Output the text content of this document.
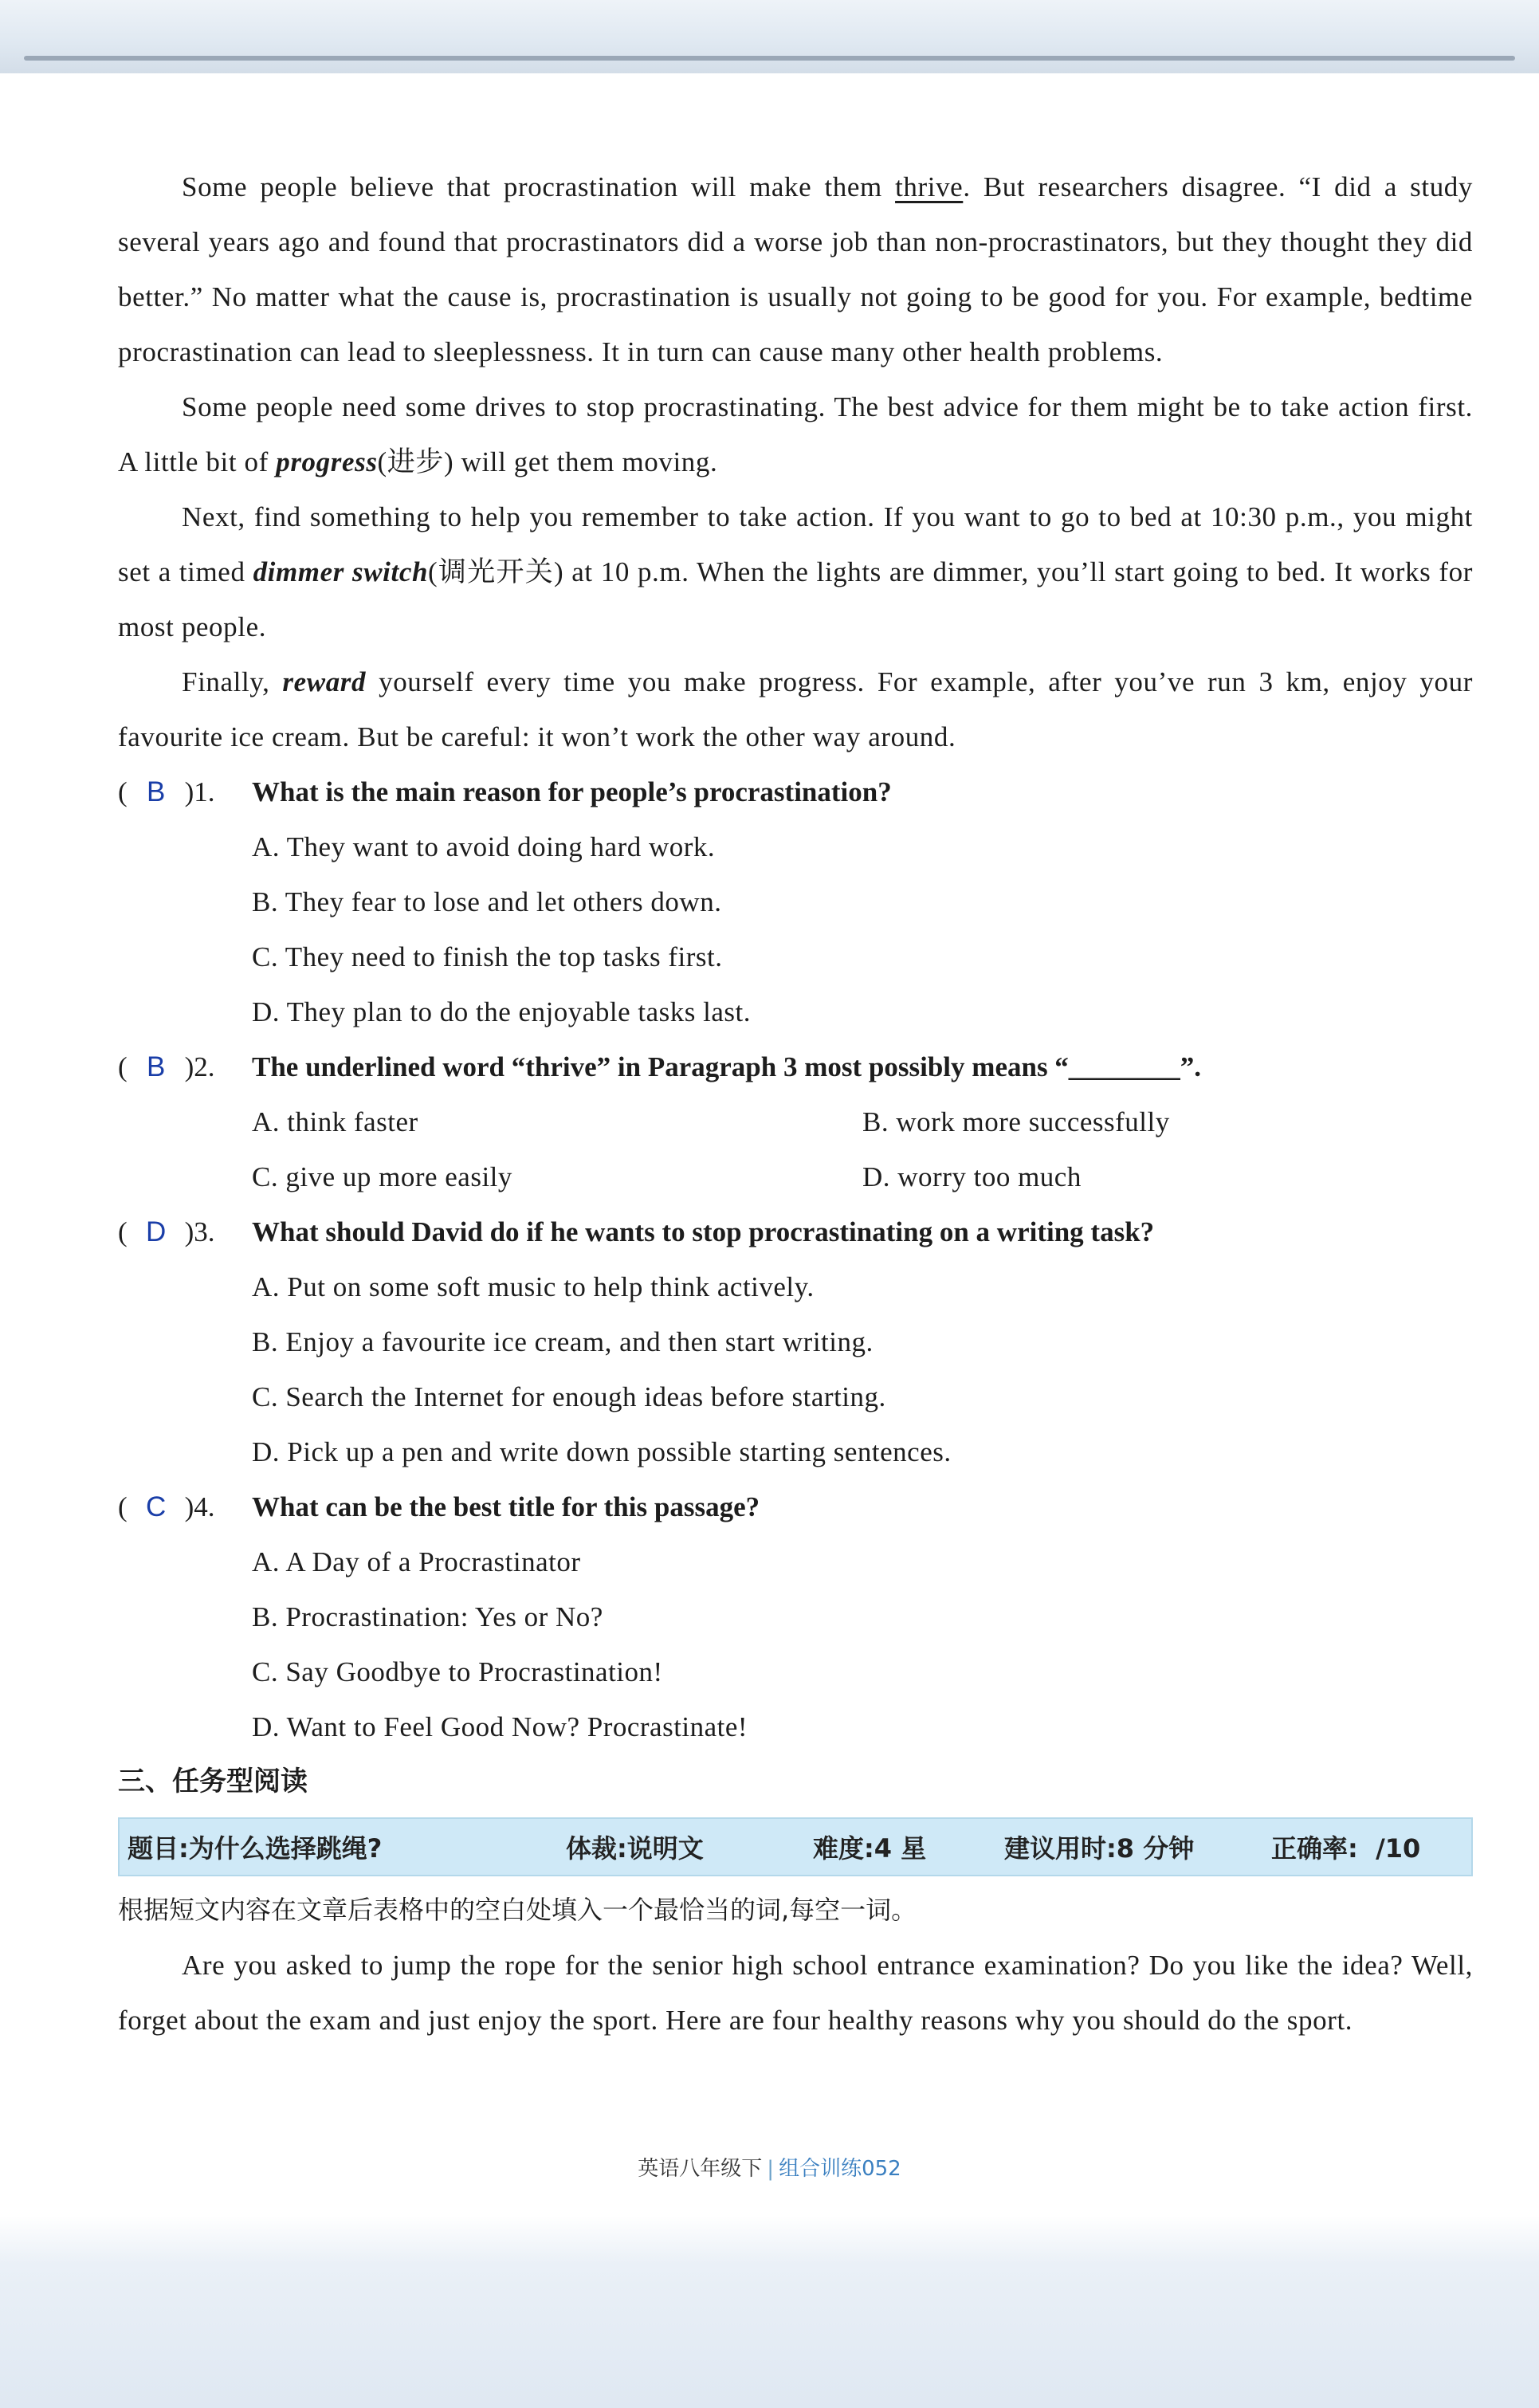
Some people believe that procrastination will make them thrive. But researchers disagree. “I did a study several years ago and found that procrastinators did a worse job than non-procrastinators, but they thought they did better.” No matter what the cause is, procrastination is usually not going to be good for you. For example, bedtime procrastination can lead to sleeplessness. It in turn can cause many other health problems.

Some people need some drives to stop procrastinating. The best advice for them might be to take action first. A little bit of progress(进步) will get them moving.

Next, find something to help you remember to take action. If you want to go to bed at 10:30 p.m., you might set a timed dimmer switch(调光开关) at 10 p.m. When the lights are dimmer, you’ll start going to bed. It works for most people.

Finally, reward yourself every time you make progress. For example, after you’ve run 3 km, enjoy your favourite ice cream. But be careful: it won’t work the other way around.

( B )1. What is the main reason for people’s procrastination?
A. They want to avoid doing hard work.
B. They fear to lose and let others down.
C. They need to finish the top tasks first.
D. They plan to do the enjoyable tasks last.
( B )2. The underlined word “thrive” in Paragraph 3 most possibly means “________”.
A. think faster	B. work more successfully
C. give up more easily	D. worry too much
( D )3. What should David do if he wants to stop procrastinating on a writing task?
A. Put on some soft music to help think actively.
B. Enjoy a favourite ice cream, and then start writing.
C. Search the Internet for enough ideas before starting.
D. Pick up a pen and write down possible starting sentences.
( C )4. What can be the best title for this passage?
A. A Day of a Procrastinator
B. Procrastination: Yes or No?
C. Say Goodbye to Procrastination!
D. Want to Feel Good Now? Procrastinate!
三、任务型阅读
题目:为什么选择跳绳?	体裁:说明文	难度:4 星	建议用时:8 分钟	正确率:  /10
根据短文内容在文章后表格中的空白处填入一个最恰当的词,每空一词。

Are you asked to jump the rope for the senior high school entrance examination? Do you like the idea? Well, forget about the exam and just enjoy the sport. Here are four healthy reasons why you should do the sport.

英语八年级下 | 组合训练052
